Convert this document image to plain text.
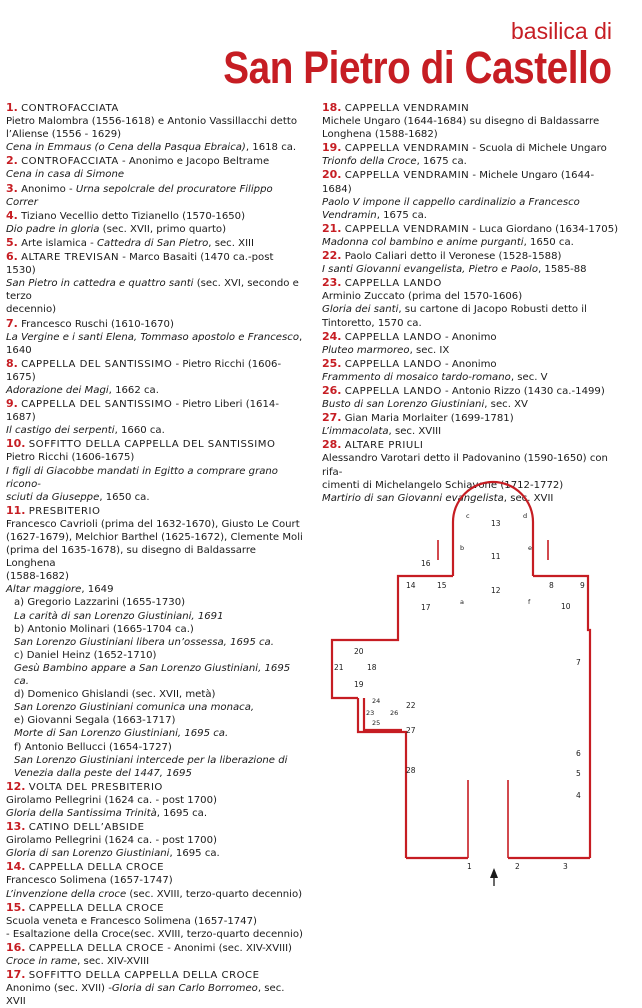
basilica di
San Pietro di Castello
1. CONTROFACCIATA
Pietro Malombra (1556-1618) e Antonio Vassillacchi detto
l’Aliense (1556 - 1629)
Cena in Emmaus (o Cena della Pasqua Ebraica), 1618 ca.
2. CONTROFACCIATA - Anonimo e Jacopo Beltrame
Cena in casa di Simone
3. Anonimo - Urna sepolcrale del procuratore Filippo Correr
4. Tiziano Vecellio detto Tizianello (1570-1650)
Dio padre in gloria (sec. XVII, primo quarto)
5. Arte islamica - Cattedra di San Pietro, sec. XIII
6. ALTARE TREVISAN - Marco Basaiti (1470 ca.-post 1530)
San Pietro in cattedra e quattro santi (sec. XVI, secondo e terzo
decennio)
7. Francesco Ruschi (1610-1670)
La Vergine e i santi Elena, Tommaso apostolo e Francesco, 1640
8. CAPPELLA DEL SANTISSIMO - Pietro Ricchi (1606-1675)
Adorazione dei Magi, 1662 ca.
9. CAPPELLA DEL SANTISSIMO - Pietro Liberi (1614-1687)
Il castigo dei serpenti, 1660 ca.
10. SOFFITTO DELLA CAPPELLA DEL SANTISSIMO
Pietro Ricchi (1606-1675)
I figli di Giacobbe mandati in Egitto a comprare grano ricono-
sciuti da Giuseppe, 1650 ca.
11. PRESBITERIO
Francesco Cavrioli (prima del 1632-1670), Giusto Le Court
(1627-1679), Melchior Barthel (1625-1672), Clemente Moli
(prima del 1635-1678), su disegno di Baldassarre Longhena
(1588-1682)
Altar maggiore, 1649
a) Gregorio Lazzarini (1655-1730)
La carità di san Lorenzo Giustiniani, 1691
b) Antonio Molinari (1665-1704 ca.)
San Lorenzo Giustiniani libera un’ossessa, 1695 ca.
c) Daniel Heinz (1652-1710)
Gesù Bambino appare a San Lorenzo Giustiniani, 1695 ca.
d) Domenico Ghislandi (sec. XVII, metà)
San Lorenzo Giustiniani comunica una monaca,
e) Giovanni Segala (1663-1717)
Morte di San Lorenzo Giustiniani, 1695 ca.
f) Antonio Bellucci (1654-1727)
San Lorenzo Giustiniani intercede per la liberazione di
Venezia dalla peste del 1447, 1695
12. VOLTA DEL PRESBITERIO
Girolamo Pellegrini (1624 ca. - post 1700)
Gloria della Santissima Trinità, 1695 ca.
13. CATINO DELL’ABSIDE
Girolamo Pellegrini (1624 ca. - post 1700)
Gloria di san Lorenzo Giustiniani, 1695 ca.
14. CAPPELLA DELLA CROCE
Francesco Solimena (1657-1747)
L’invenzione della croce (sec. XVIII, terzo-quarto decennio)
15. CAPPELLA DELLA CROCE
Scuola veneta e Francesco Solimena (1657-1747)
- Esaltazione della Croce(sec. XVIII, terzo-quarto decennio)
16. CAPPELLA DELLA CROCE - Anonimi (sec. XIV-XVIII)
Croce in rame, sec. XIV-XVIII
17. SOFFITTO DELLA CAPPELLA DELLA CROCE
Anonimo (sec. XVII) -Gloria di san Carlo Borromeo, sec. XVII
18. CAPPELLA VENDRAMIN
Michele Ungaro (1644-1684) su disegno di Baldassarre
Longhena (1588-1682)
19. CAPPELLA VENDRAMIN - Scuola di Michele Ungaro
Trionfo della Croce, 1675 ca.
20. CAPPELLA VENDRAMIN - Michele Ungaro (1644-1684)
Paolo V impone il cappello cardinalizio a Francesco
Vendramin, 1675 ca.
21. CAPPELLA VENDRAMIN - Luca Giordano (1634-1705)
Madonna col bambino e anime purganti, 1650 ca.
22. Paolo Caliari detto il Veronese (1528-1588)
I santi Giovanni evangelista, Pietro e Paolo, 1585-88
23. CAPPELLA LANDO
Arminio Zuccato (prima del 1570-1606)
Gloria dei santi, su cartone di Jacopo Robusti detto il
Tintoretto, 1570 ca.
24. CAPPELLA LANDO - Anonimo
Pluteo marmoreo, sec. IX
25. CAPPELLA LANDO - Anonimo
Frammento di mosaico tardo-romano, sec. V
26. CAPPELLA LANDO - Antonio Rizzo (1430 ca.-1499)
Busto di san Lorenzo Giustiniani, sec. XV
27. Gian Maria Morlaiter (1699-1781)
L’immacolata, sec. XVIII
28. ALTARE PRIULI
Alessandro Varotari detto il Padovanino (1590-1650) con rifa-
cimenti di Michelangelo Schiavone (1712-1772)
Martirio di san Giovanni evangelista, sec. XVII
1	2	3
4
5
6
7
8	9
10
11
12
13
14	15
16
17
18
19
20
21
22
23
24
25
26
27
28
a
b
c	d
e
f
